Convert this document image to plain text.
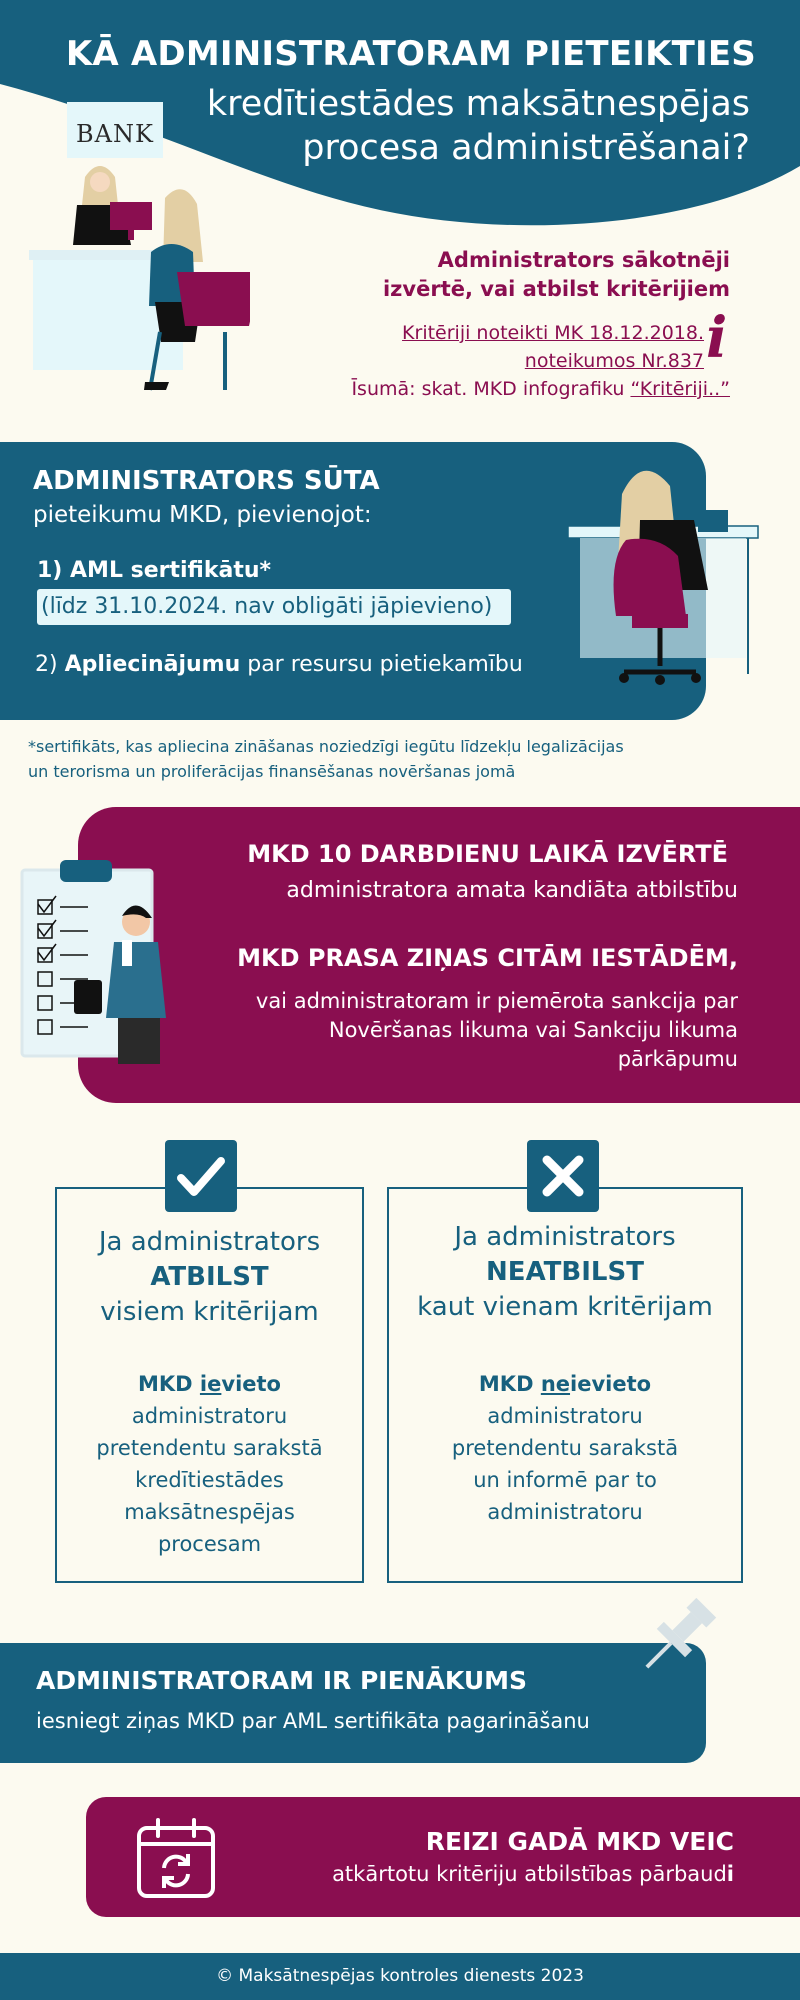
KĀ ADMINISTRATORAM PIETEIKTIES
kredītiestādes maksātnespējas
procesa administrēšanai?
BANK
Administrators sākotnēji
izvērtē, vai atbilst kritērijiem
Kritēriji noteikti MK 18.12.2018.
noteikumos Nr.837 i
Īsumā: skat. MKD infografiku “Kritēriji..”
ADMINISTRATORS SŪTA
pieteikumu MKD, pievienojot:
1) AML sertifikātu*
(līdz 31.10.2024. nav obligāti jāpievieno)
2) Apliecinājumu par resursu pietiekamību
*sertifikāts, kas apliecina zināšanas noziedzīgi iegūtu līdzekļu legalizācijas
un terorisma un proliferācijas finansēšanas novēršanas jomā
MKD 10 DARBDIENU LAIKĀ IZVĒRTĒ
administratora amata kandiāta atbilstību
MKD PRASA ZIŅAS CITĀM IESTĀDĒM,
vai administratoram ir piemērota sankcija par
Novēršanas likuma vai Sankciju likuma
pārkāpumu
Ja administrators
ATBILST
visiem kritērijam
MKD ievieto
administratoru
pretendentu sarakstā
kredītiestādes
maksātnespējas
procesam
Ja administrators
NEATBILST
kaut vienam kritērijam
MKD neievieto
administratoru
pretendentu sarakstā
un informē par to
administratoru
ADMINISTRATORAM IR PIENĀKUMS
iesniegt ziņas MKD par AML sertifikāta pagarināšanu
REIZI GADĀ MKD VEIC
atkārtotu kritēriju atbilstības pārbaudi
© Maksātnespējas kontroles dienests 2023
